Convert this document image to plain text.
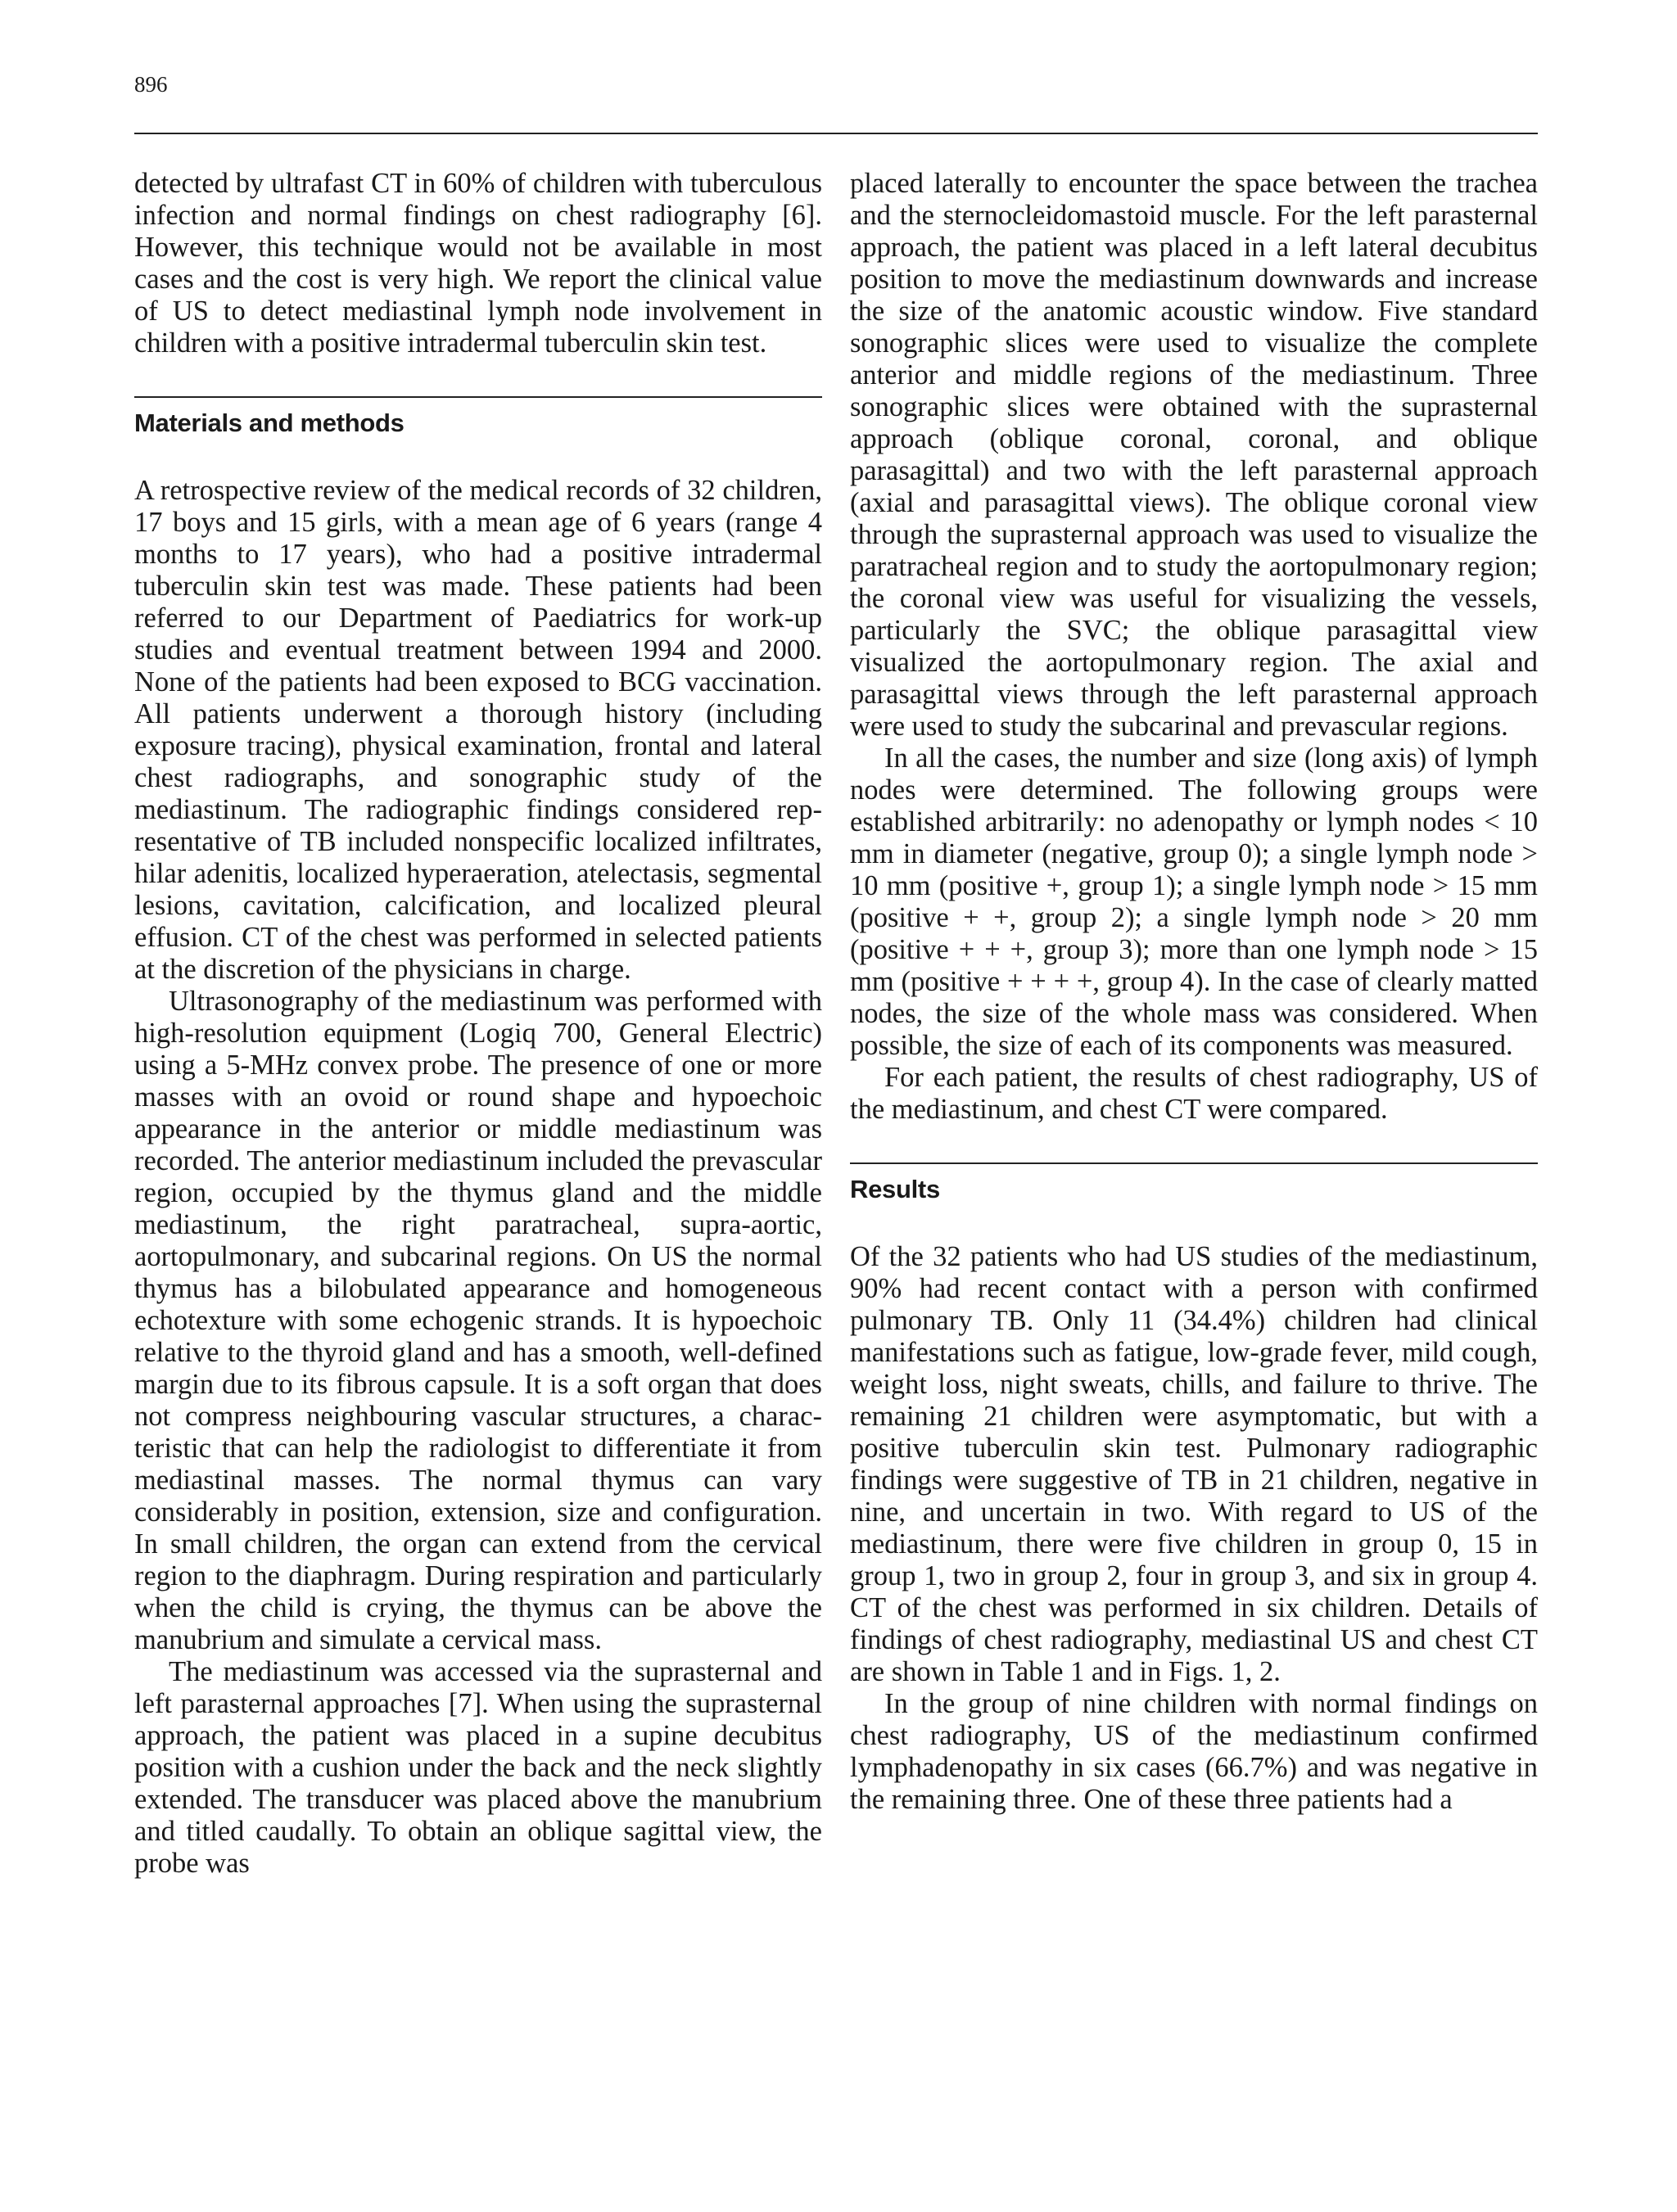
896

detected by ultrafast CT in 60% of children with tuberculous infection and normal findings on chest radiography [6]. However, this technique would not be available in most cases and the cost is very high. We report the clinical value of US to detect mediastinal lymph node involvement in children with a positive intradermal tuberculin skin test.

Materials and methods

A retrospective review of the medical records of 32 children, 17 boys and 15 girls, with a mean age of 6 years (range 4 months to 17 years), who had a positive intradermal tuberculin skin test was made. These patients had been referred to our Department of Paediatrics for work-up studies and eventual treatment between 1994 and 2000. None of the patients had been exposed to BCG vaccination. All patients underwent a thorough history (including exposure tracing), physical examination, frontal and lateral chest radiographs, and sonographic study of the mediastinum. The radiographic findings considered representative of TB included nonspecific localized infiltrates, hilar adenitis, localized hyperaeration, atelectasis, segmental lesions, cavitation, calcification, and localized pleural effusion. CT of the chest was performed in selected patients at the discretion of the physicians in charge.

Ultrasonography of the mediastinum was performed with high-resolution equipment (Logiq 700, General Electric) using a 5-MHz convex probe. The presence of one or more masses with an ovoid or round shape and hypoechoic appearance in the anterior or middle mediastinum was recorded. The anterior mediastinum included the prevascular region, occupied by the thymus gland and the middle mediastinum, the right paratracheal, supra-aortic, aortopulmonary, and subcarinal regions. On US the normal thymus has a bilobulated appearance and homogeneous echotexture with some echogenic strands. It is hypoechoic relative to the thyroid gland and has a smooth, well-defined margin due to its fibrous capsule. It is a soft organ that does not compress neighbouring vascular structures, a characteristic that can help the radiologist to differentiate it from mediastinal masses. The normal thymus can vary considerably in position, extension, size and configuration. In small children, the organ can extend from the cervical region to the diaphragm. During respiration and particularly when the child is crying, the thymus can be above the manubrium and simulate a cervical mass.

The mediastinum was accessed via the suprasternal and left parasternal approaches [7]. When using the suprasternal approach, the patient was placed in a supine decubitus position with a cushion under the back and the neck slightly extended. The transducer was placed above the manubrium and titled caudally. To obtain an oblique sagittal view, the probe was

placed laterally to encounter the space between the trachea and the sternocleidomastoid muscle. For the left parasternal approach, the patient was placed in a left lateral decubitus position to move the mediastinum downwards and increase the size of the anatomic acoustic window. Five standard sonographic slices were used to visualize the complete anterior and middle regions of the mediastinum. Three sonographic slices were obtained with the suprasternal approach (oblique coronal, coronal, and oblique parasagittal) and two with the left parasternal approach (axial and parasagittal views). The oblique coronal view through the suprasternal approach was used to visualize the paratracheal region and to study the aortopulmonary region; the coronal view was useful for visualizing the vessels, particularly the SVC; the oblique parasagittal view visualized the aortopulmonary region. The axial and parasagittal views through the left parasternal approach were used to study the subcarinal and prevascular regions.

In all the cases, the number and size (long axis) of lymph nodes were determined. The following groups were established arbitrarily: no adenopathy or lymph nodes < 10 mm in diameter (negative, group 0); a single lymph node > 10 mm (positive +, group 1); a single lymph node > 15 mm (positive + +, group 2); a single lymph node > 20 mm (positive + + +, group 3); more than one lymph node > 15 mm (positive + + + +, group 4). In the case of clearly matted nodes, the size of the whole mass was considered. When possible, the size of each of its components was measured.

For each patient, the results of chest radiography, US of the mediastinum, and chest CT were compared.

Results

Of the 32 patients who had US studies of the mediastinum, 90% had recent contact with a person with confirmed pulmonary TB. Only 11 (34.4%) children had clinical manifestations such as fatigue, low-grade fever, mild cough, weight loss, night sweats, chills, and failure to thrive. The remaining 21 children were asymptomatic, but with a positive tuberculin skin test. Pulmonary radiographic findings were suggestive of TB in 21 children, negative in nine, and uncertain in two. With regard to US of the mediastinum, there were five children in group 0, 15 in group 1, two in group 2, four in group 3, and six in group 4. CT of the chest was performed in six children. Details of findings of chest radiography, mediastinal US and chest CT are shown in Table 1 and in Figs. 1, 2.

In the group of nine children with normal findings on chest radiography, US of the mediastinum confirmed lymphadenopathy in six cases (66.7%) and was negative in the remaining three. One of these three patients had a
